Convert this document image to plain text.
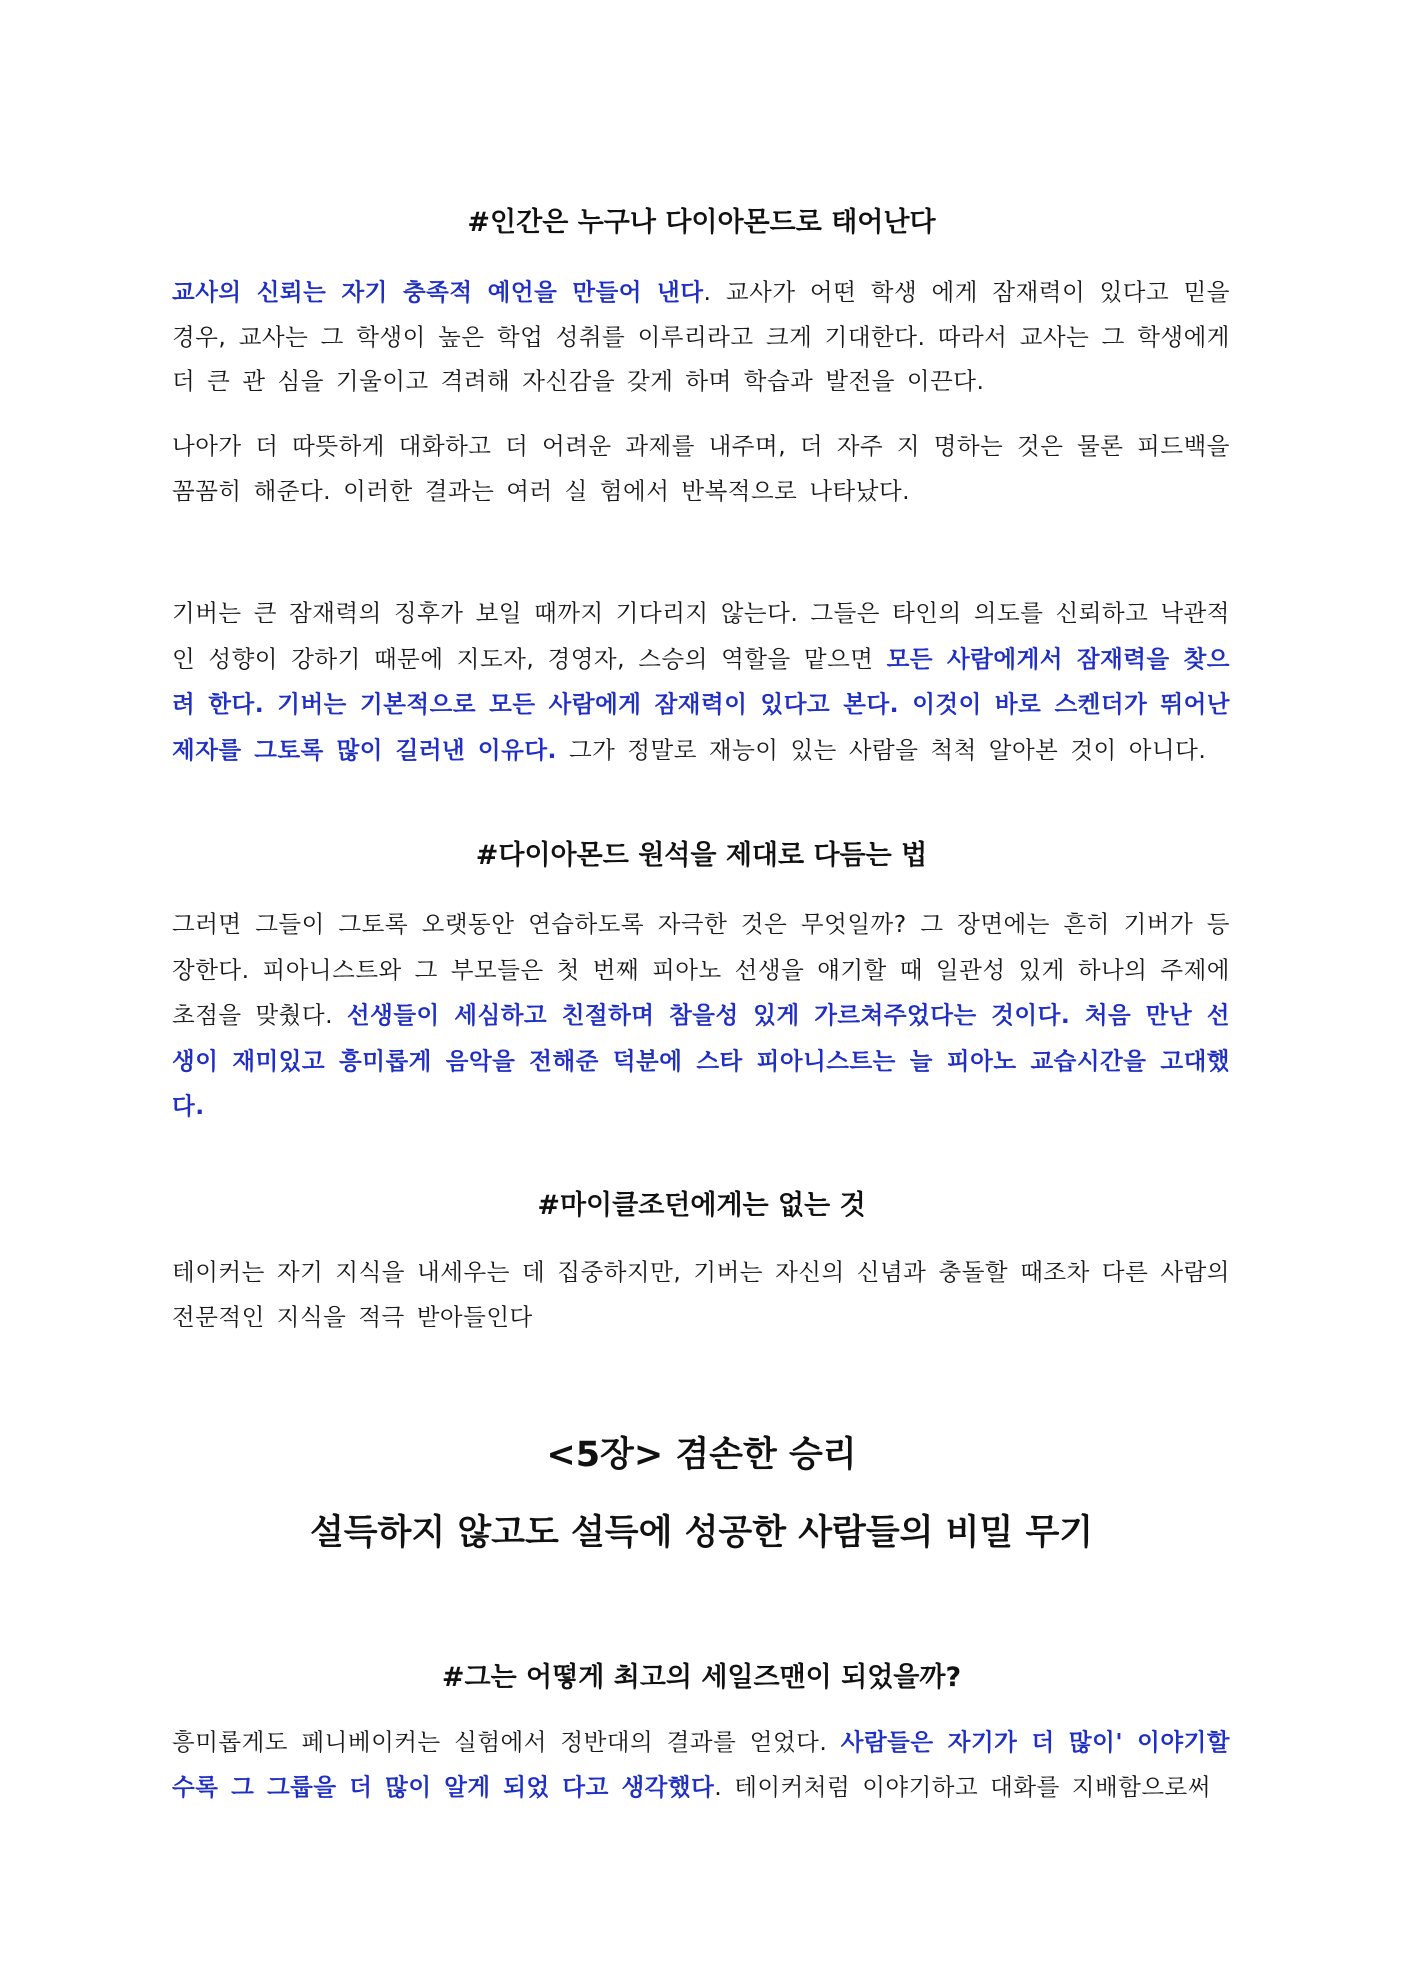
#인간은 누구나 다이아몬드로 태어난다

교사의 신뢰는 자기 충족적 예언을 만들어 낸다. 교사가 어떤 학생 에게 잠재력이 있다고 믿을 경우, 교사는 그 학생이 높은 학업 성취를 이루리라고 크게 기대한다. 따라서 교사는 그 학생에게 더 큰 관 심을 기울이고 격려해 자신감을 갖게 하며 학습과 발전을 이끈다.

나아가 더 따뜻하게 대화하고 더 어려운 과제를 내주며, 더 자주 지 명하는 것은 물론 피드백을 꼼꼼히 해준다. 이러한 결과는 여러 실 험에서 반복적으로 나타났다.

기버는 큰 잠재력의 징후가 보일 때까지 기다리지 않는다. 그들은 타인의 의도를 신뢰하고 낙관적인 성향이 강하기 때문에 지도자, 경영자, 스승의 역할을 맡으면 모든 사람에게서 잠재력을 찾으려 한다. 기버는 기본적으로 모든 사람에게 잠재력이 있다고 본다. 이것이 바로 스켄더가 뛰어난 제자를 그토록 많이 길러낸 이유다. 그가 정말로 재능이 있는 사람을 척척 알아본 것이 아니다.

#다이아몬드 원석을 제대로 다듬는 법

그러면 그들이 그토록 오랫동안 연습하도록 자극한 것은 무엇일까? 그 장면에는 흔히 기버가 등장한다. 피아니스트와 그 부모들은 첫 번째 피아노 선생을 얘기할 때 일관성 있게 하나의 주제에 초점을 맞췄다. 선생들이 세심하고 친절하며 참을성 있게 가르쳐주었다는 것이다. 처음 만난 선생이 재미있고 흥미롭게 음악을 전해준 덕분에 스타 피아니스트는 늘 피아노 교습시간을 고대했다.

#마이클조던에게는 없는 것

테이커는 자기 지식을 내세우는 데 집중하지만, 기버는 자신의 신념과 충돌할 때조차 다른 사람의 전문적인 지식을 적극 받아들인다

<5장> 겸손한 승리
설득하지 않고도 설득에 성공한 사람들의 비밀 무기
#그는 어떻게 최고의 세일즈맨이 되었을까?

흥미롭게도 페니베이커는 실험에서 정반대의 결과를 얻었다. 사람들은 자기가 더 많이' 이야기할수록 그 그룹을 더 많이 알게 되었 다고 생각했다. 테이커처럼 이야기하고 대화를 지배함으로써
